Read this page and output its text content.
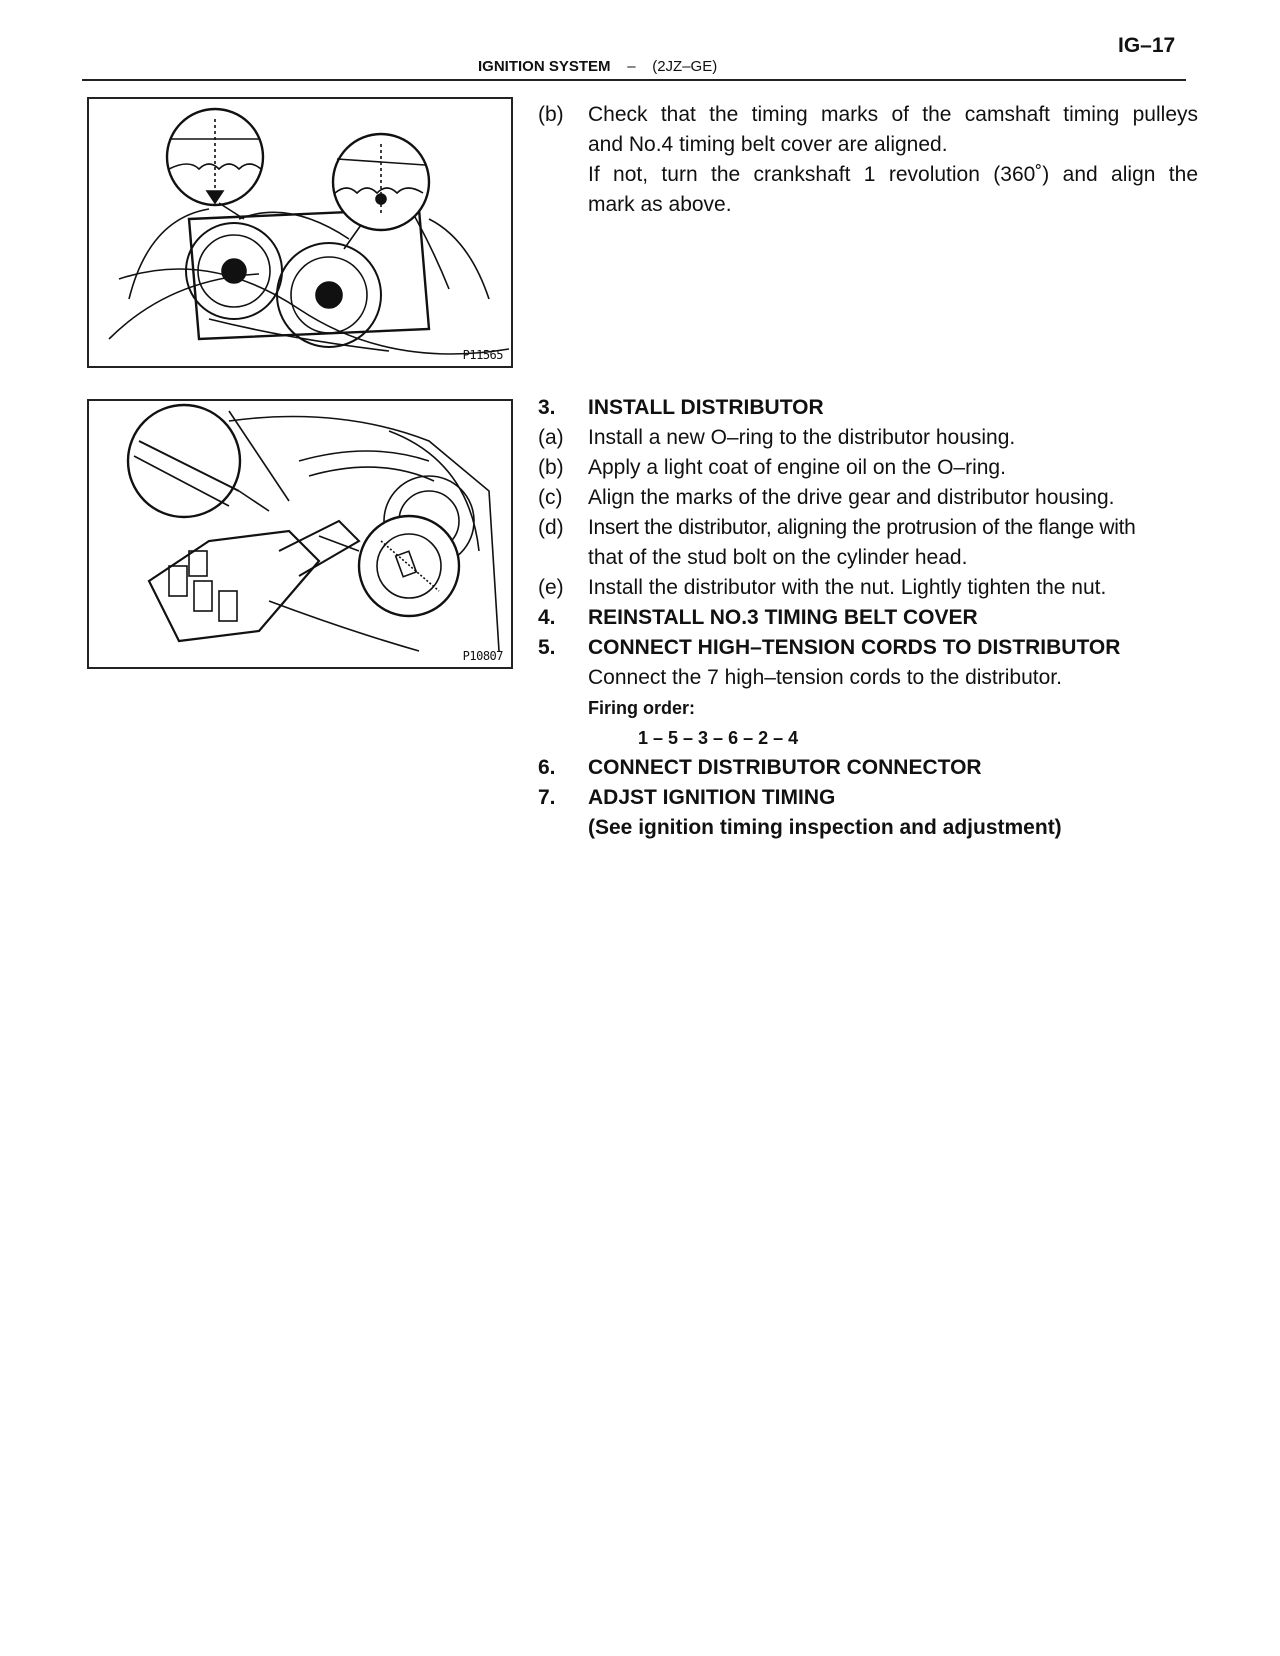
IG–17
IGNITION SYSTEM – (2JZ–GE)
P11565
P10807
(b)	Check that the timing marks of the camshaft timing pulleys
and No.4 timing belt cover are aligned.
If not, turn the crankshaft 1 revolution (360˚) and align the
mark as above.
3.	INSTALL DISTRIBUTOR
(a)	Install a new O–ring to the distributor housing.
(b)	Apply a light coat of engine oil on the O–ring.
(c)	Align the marks of the drive gear and distributor housing.
(d)	Insert the distributor, aligning the protrusion of the flange with
that of the stud bolt on the cylinder head.
(e)	Install the distributor with the nut. Lightly tighten the nut.
4.	REINSTALL NO.3 TIMING BELT COVER
5.	CONNECT HIGH–TENSION CORDS TO DISTRIBUTOR
Connect the 7 high–tension cords to the distributor.
Firing order:
1 – 5 – 3 – 6 – 2 – 4
6.	CONNECT DISTRIBUTOR CONNECTOR
7.	ADJST IGNITION TIMING
(See ignition timing inspection and adjustment)
